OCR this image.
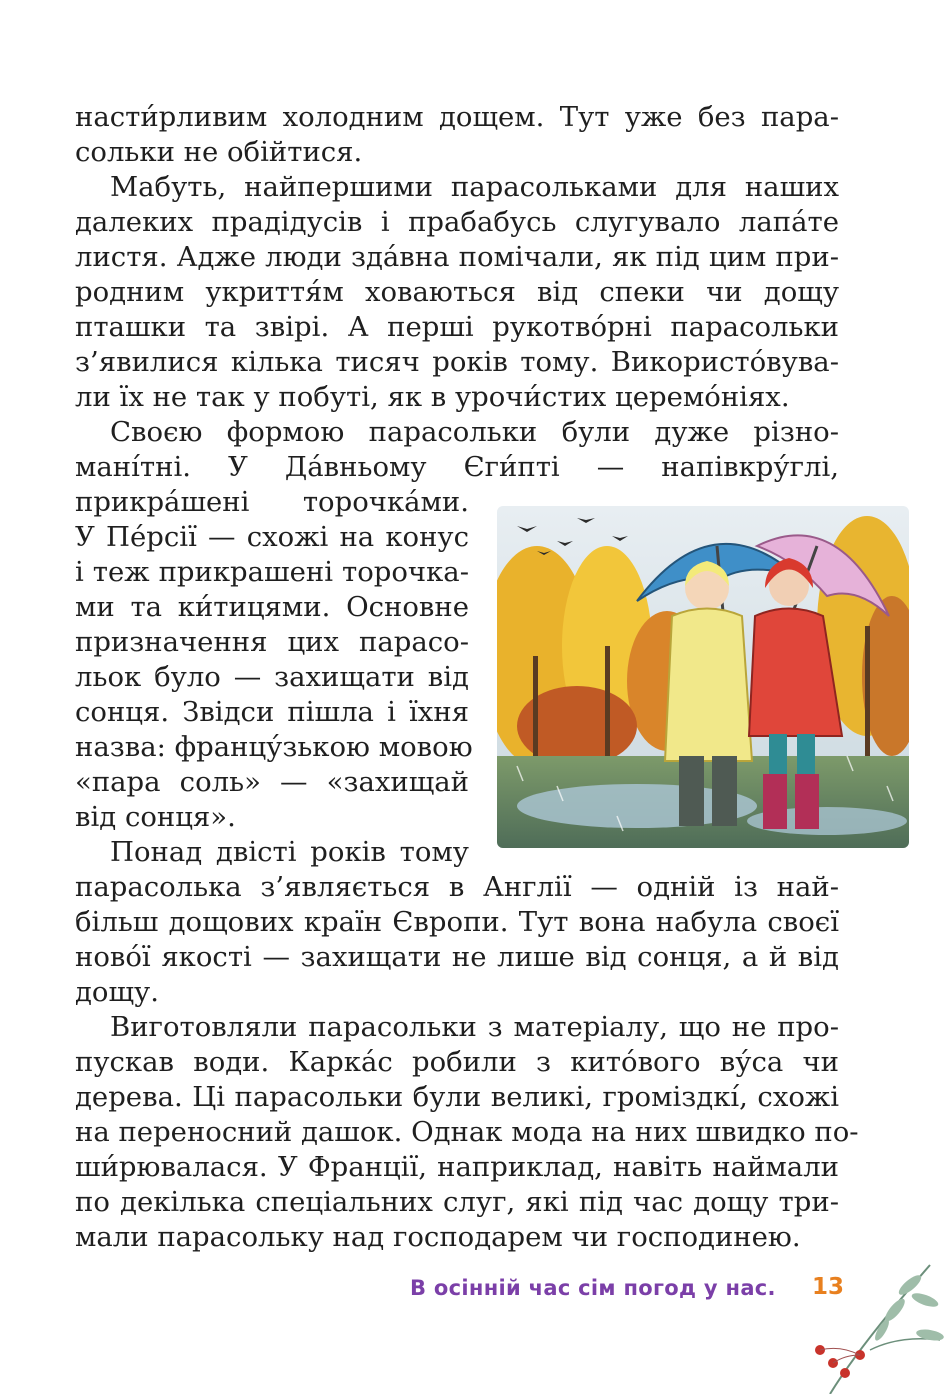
насти́рливим холодним дощем. Тут уже без пара-
сольки не обійтися.
Мабуть, найпершими парасольками для наших
далеких прадідусів і прабабусь слугувало лапа́те
листя. Адже люди зда́вна помічали, як під цим при-
родним укриття́м ховаються від спеки чи дощу
пташки та звірі. А перші рукотво́рні парасольки
з’явилися кілька тисяч років тому. Використо́вува-
ли їх не так у побуті, як в урочи́стих церемо́ніях.
Своєю формою парасольки були дуже різно-
мані́тні. У Да́вньому Єги́пті — напівкру́глі,
прикра́шені торочка́ми.
У Пе́рсії — схожі на конус
і теж прикрашені торочка-
ми та ки́тицями. Основне
призначення цих парасо-
льок було — захищати від
сонця. Звідси пішла і їхня
назва: францу́зькою мовою
«пара соль» — «захищай
від сонця».
Понад двісті років тому
парасолька з’являється в Англії — одній із най-
більш дощових країн Європи. Тут вона набула своєї
ново́ї якості — захищати не лише від сонця, а й від
дощу.
Виготовляли парасольки з матеріалу, що не про-
пускав води. Карка́с робили з кито́вого ву́са чи
дерева. Ці парасольки були великі, громіздкі́, схожі
на переносний дашок. Однак мода на них швидко по-
ши́рювалася. У Франції, наприклад, навіть наймали
по декілька спеціальних слуг, які під час дощу три-
мали парасольку над господарем чи господинею.
В осінній час сім погод у нас. 13
